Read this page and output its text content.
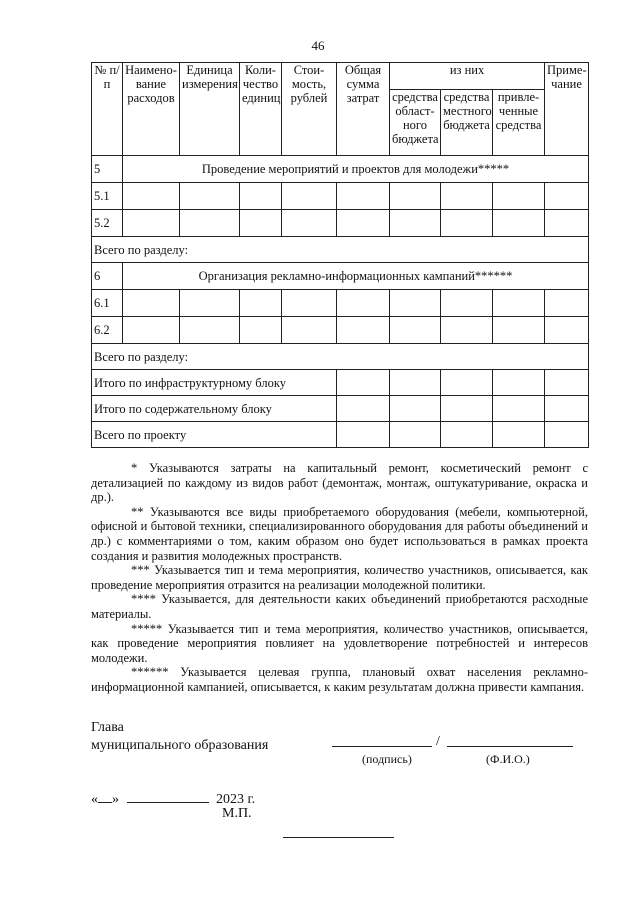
46
№ п/п	Наимено-вание расходов	Единица измерения	Коли-чество единиц	Стои-мость, рублей	Общая сумма затрат	из них			Приме-чание
						средства област-ного бюджета	средства местного бюджета	привле-ченные средства	
5	Проведение мероприятий и проектов для молодежи*****								
5.1									
5.2									
Всего по разделу:									
6	Организация рекламно-информационных кампаний******								
6.1									
6.2									
Всего по разделу:									
Итого по инфраструктурному блоку									
Итого по содержательному блоку									
Всего по проекту									

* Указываются затраты на капитальный ремонт, косметический ремонт с детализацией по каждому из видов работ (демонтаж, монтаж, оштукатуривание, окраска и др.).

** Указываются все виды приобретаемого оборудования (мебели, компьютерной, офисной и бытовой техники, специализированного оборудования для работы объединений и др.) с комментариями о том, каким образом оно будет использоваться в рамках проекта создания и развития молодежных пространств.

*** Указывается тип и тема мероприятия, количество участников, описывается, как проведение мероприятия отразится на реализации молодежной политики.

**** Указывается, для деятельности каких объединений приобретаются расходные материалы.

***** Указывается тип и тема мероприятия, количество участников, описывается, как проведение мероприятия повлияет на удовлетворение потребностей и интересов молодежи.

****** Указывается целевая группа, плановый охват населения рекламно-информационной кампанией, описывается, к каким результатам должна привести кампания.

Глава
муниципального образования	/
(подпись)	(Ф.И.О.)
« »	2023 г.
М.П.
